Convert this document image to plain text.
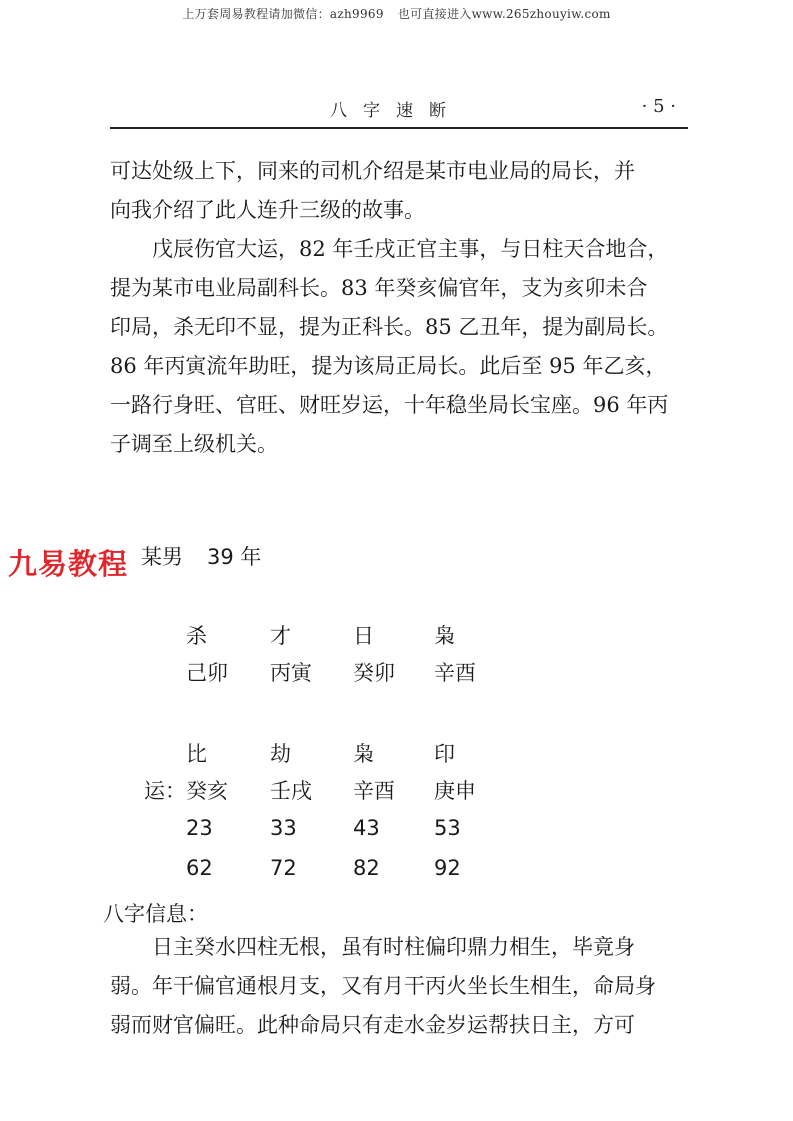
上万套周易教程请加微信：azh9969 也可直接进入www.265zhouyiw.com
八字速断	· 5 ·
可达处级上下，同来的司机介绍是某市电业局的局长，并
向我介绍了此人连升三级的故事。
　　戊辰伤官大运，82 年壬戌正官主事，与日柱天合地合，
提为某市电业局副科长。83 年癸亥偏官年，支为亥卯未合
印局，杀无印不显，提为正科长。85 乙丑年，提为副局长。
86 年丙寅流年助旺，提为该局正局长。此后至 95 年乙亥，
一路行身旺、官旺、财旺岁运，十年稳坐局长宝座。96 年丙
子调至上级机关。
九易教程 某男 39 年
杀	才	日	枭
己卯 丙寅 癸卯 辛酉
比	劫	枭	印
运： 癸亥 壬戌 辛酉 庚申
23	33	43	53
62	72	82	92
八字信息：
　　日主癸水四柱无根，虽有时柱偏印鼎力相生，毕竟身
弱。年干偏官通根月支，又有月干丙火坐长生相生，命局身
弱而财官偏旺。此种命局只有走水金岁运帮扶日主，方可
